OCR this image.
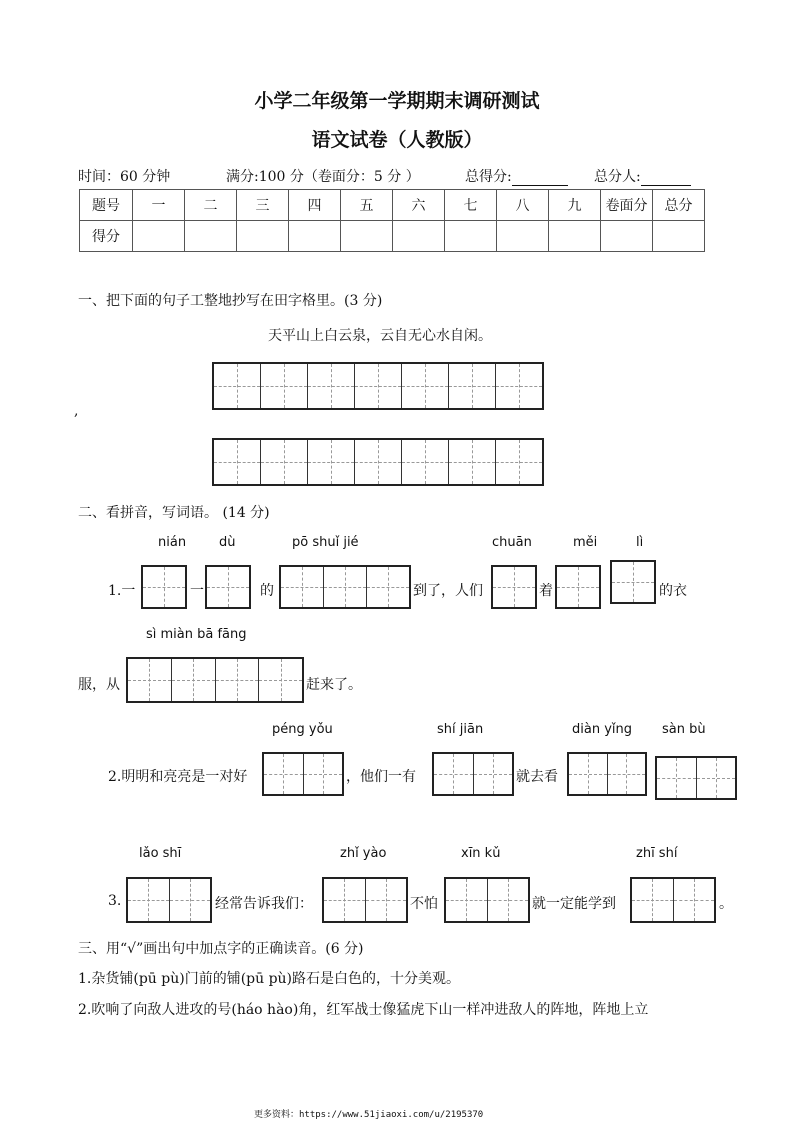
小学二年级第一学期期末调研测试
语文试卷（人教版）
时间：60 分钟	满分:100 分（卷面分：5 分 ）	总得分:	总分人:
题号	一	二	三	四	五	六	七	八	九	卷面分	总分
得分											
一、把下面的句子工整地抄写在田字格里。(3 分)
天平山上白云泉，云自无心水自闲。
,
二、看拼音，写词语。 (14 分)
nián	dù	pō shuǐ jié	chuān	měi	lì
1.一	一	的	到了，人们	着	的衣
sì miàn bā fāng
服，从	赶来了。
péng yǒu	shí jiān	diàn yǐng sàn bù
2.明明和亮亮是一对好	，他们一有	就去看
lǎo shī	zhǐ yào	xīn kǔ	zhī shí
3.	经常告诉我们：	不怕	就一定能学到	。
三、用“√”画出句中加点字的正确读音。(6 分)
1.杂货铺(pū pù)门前的铺(pū pù)路石是白色的，十分美观。
2.吹响了向敌人进攻的号(háo hào)角，红军战士像猛虎下山一样冲进敌人的阵地，阵地上立
更多资料：https://www.51jiaoxi.com/u/2195370
